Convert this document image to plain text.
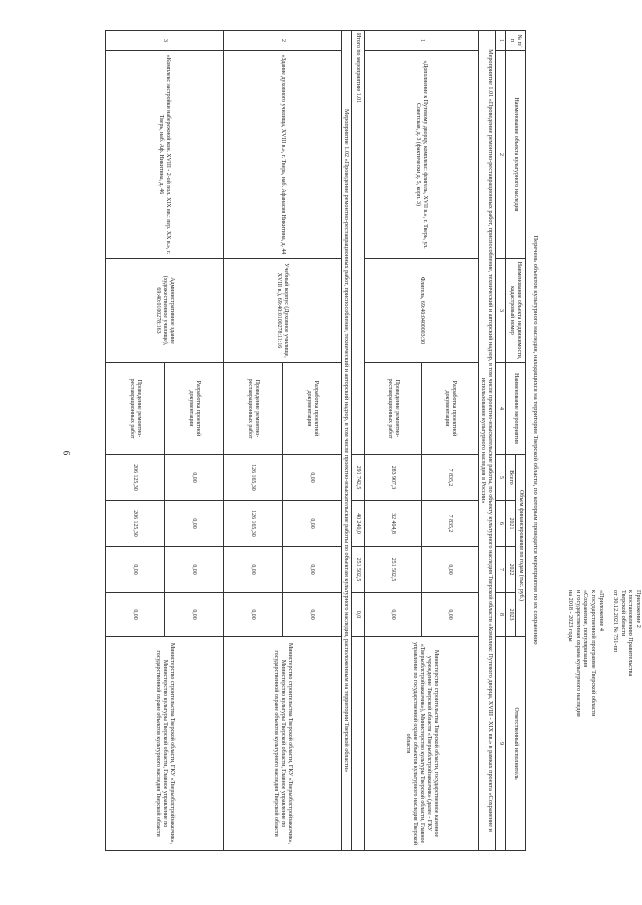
6

Приложение 2

к постановлению Правительства

Тверской области

от 30.12.2021 № 751-пп

«Приложение 4

к государственной программе Тверской области

«Сохранение, популяризация

и государственная охрана культурного наследия

на 2018 - 2023 годы

Перечень объектов культурного наследия, находящихся на территории Тверской области, по которым проводятся мероприятия по их сохранению
№ п/п	Наименование объекта культурного наследия	Наименование объекта недвижимости, кадастровый номер	Наименование мероприятия	Объем финансирования по годам (тыс. руб.)				Ответственный исполнитель
				Всего	2021	2022	2023	
1	2	3	4	5	6	7	8	9
Мероприятие 1.01 «Проведение ремонтно-реставрационных работ, приспособление, технический и авторский надзор, в том числе проектно-изыскательские работы, по объекту культурного наследия Тверской области «Комплекс Путевого дворца, XVIII - XIX вв.» в рамках проекта «Сохранение и использование культурного наследия в России»								
1	«Дополнение к Путевому дворцу, комплекс: флигель, XVII в.», г. Тверь, ул. Советская, д. 3 (фактически д. 5, корп. 3)	Флигель, 69:40:0400003:30	Разработка проектной документации	7 835,2	7 835,2	0,00	0,00	Министерство строительства Тверской области, государственное казенное учреждение Тверской области «Тверьоблстройзаказчик» (далее - ГКУ «Тверьоблстройзаказчик»), Министерство культуры Тверской области, Главное управление по государственной охране объектов культурного наследия Тверской области
			Проведение ремонтно-реставрационных работ	283 907,3	32 404,8	251 502,5	0,00	
Итого по мероприятию 1.01				291 742,5	40 240,0	251 502,5	0,0	
Мероприятие 1.02 «Проведение ремонтно-реставрационных работ, приспособление, технический и авторский надзор, в том числе проектно-изыскательские работы по объектам культурного наследия, расположенным на территории Тверской области»								
2	«Здание духовного училища, XVIII в.», г. Тверь, наб. Афанасия Никитина, д. 44	Учебный корпус (Духовное училище, XVIII в.), 69:40:0100278:11:16	Разработка проектной документации	0,00	0,00	0,00	0,00	Министерство строительства Тверской области, ГКУ «Тверьоблстройзаказчик», Министерство культуры Тверской области, Главное управление по государственной охране объектов культурного наследия Тверской области
			Проведение ремонтно-реставрационных работ	126 165,30	126 165,30	0,00	0,00	
3	«Комплекс застройки набережной кон. XVIII - 2-ой пол. XIX вв.: пер. XX в.», г. Тверь, наб. Аф. Никитина, д. 46	Административное здание (художественное училище), 69:40:0100278:163	Разработка проектной документации	0,00	0,00	0,00	0,00	Министерство строительства Тверской области, ГКУ «Тверьоблстройзаказчик», Министерство культуры Тверской области, Главное управление по государственной охране объектов культурного наследия Тверской области
			Проведение ремонтно-реставрационных работ	206 125,30	206 125,30	0,00	0,00	
